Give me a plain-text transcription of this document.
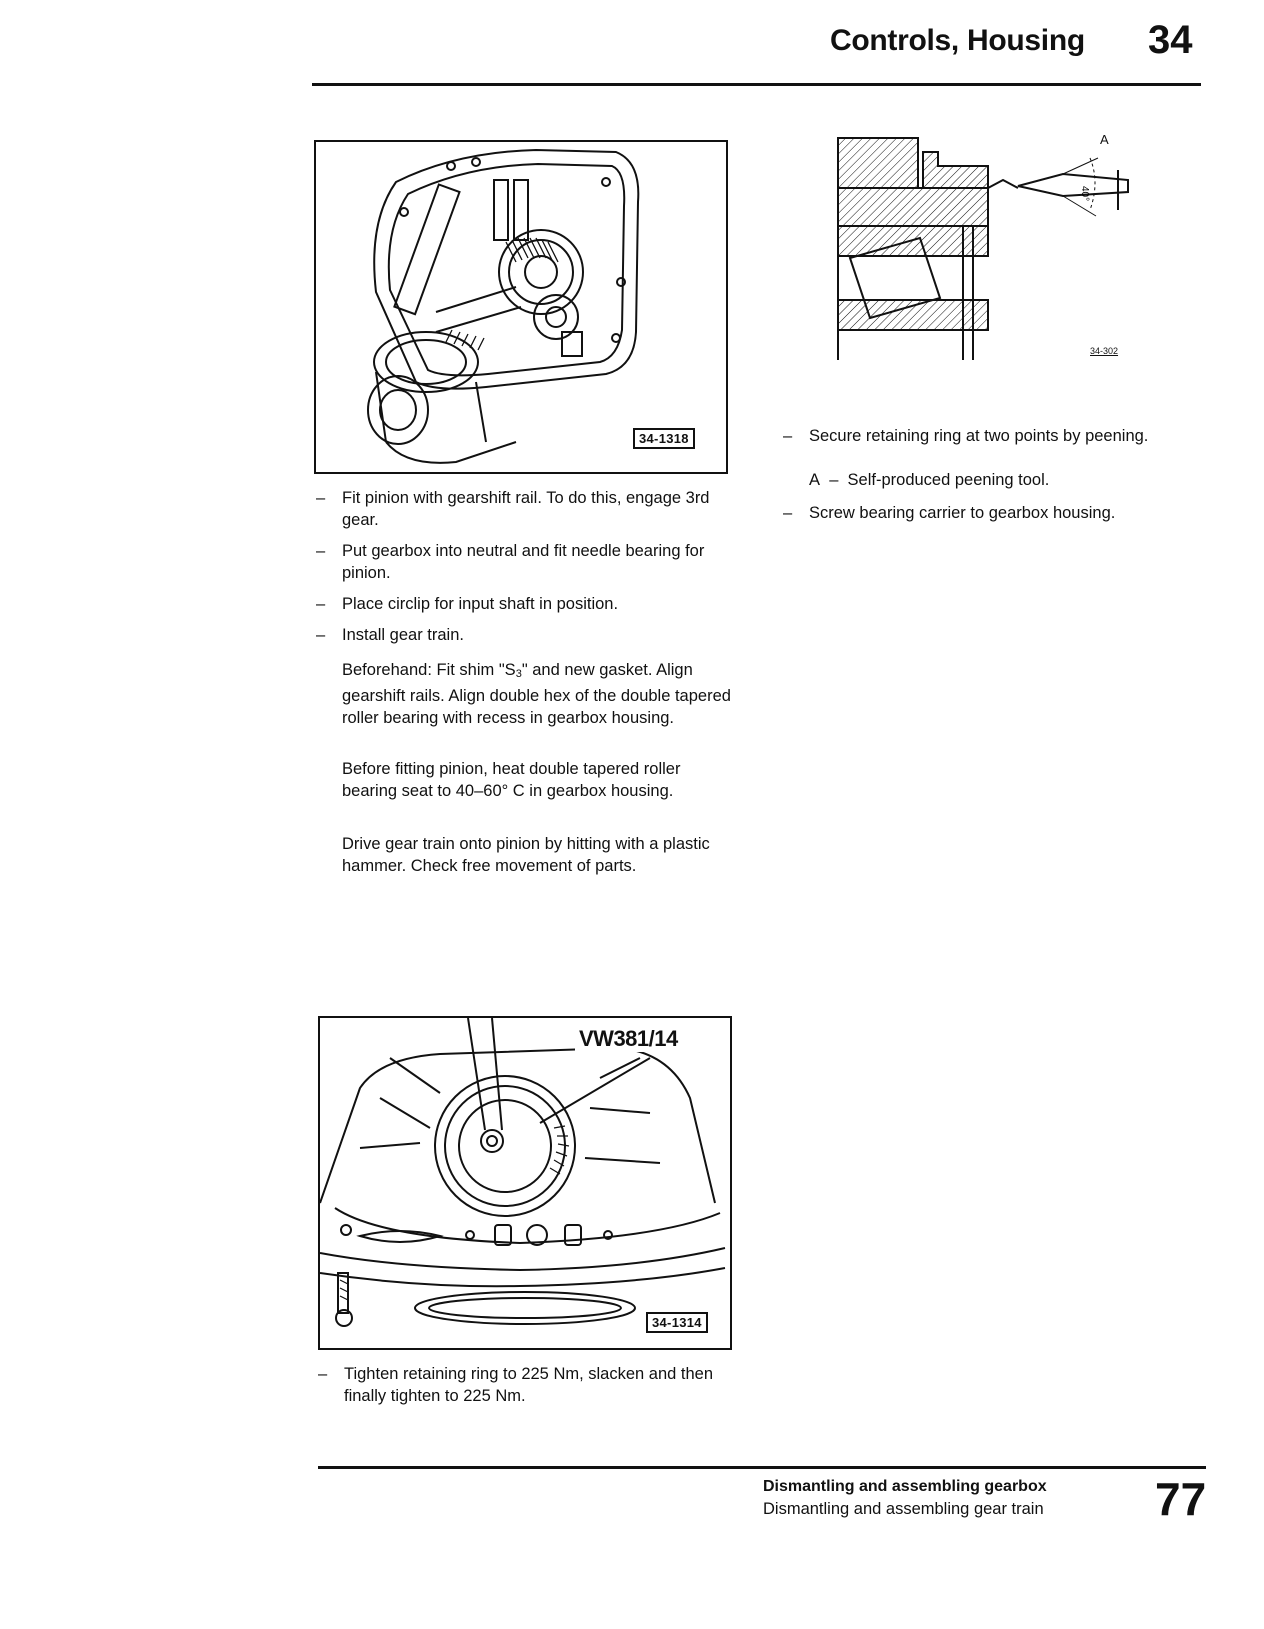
Controls, Housing 34
34-1318
40°
A
34-302
–	Fit pinion with gearshift rail. To do this, engage 3rd gear.
–	Put gearbox into neutral and fit needle bearing for pinion.
–	Place circlip for input shaft in position.
–	Install gear train.
Beforehand: Fit shim "S3" and new gasket. Align gearshift rails. Align double hex of the double tapered roller bearing with recess in gearbox housing.
Before fitting pinion, heat double tapered roller bearing seat to 40–60° C in gearbox housing.
Drive gear train onto pinion by hitting with a plastic hammer. Check free movement of parts.
–	Secure retaining ring at two points by peening.
A – Self-produced peening tool.
–	Screw bearing carrier to gearbox housing.
VW381/14
34-1314
–	Tighten retaining ring to 225 Nm, slacken and then finally tighten to 225 Nm.
Dismantling and assembling gearbox
Dismantling and assembling gear train 77
